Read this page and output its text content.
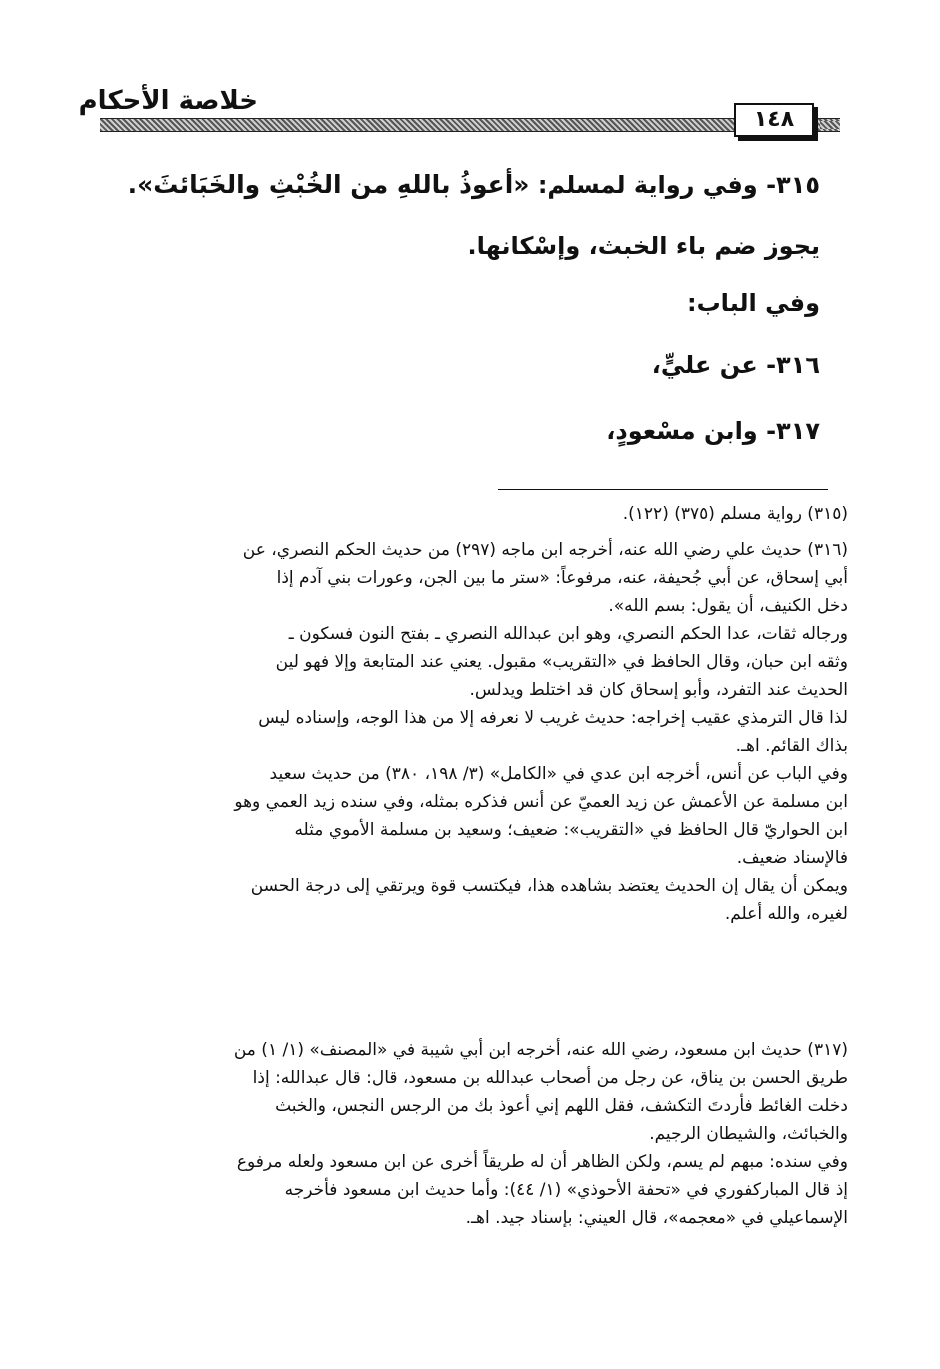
خلاصة الأحكام
١٤٨
٣١٥- وفي رواية لمسلم: «أعوذُ باللهِ من الخُبْثِ والخَبَائثَ».
يجوز ضم باء الخبث، وإسْكانها.
وفي الباب:
٣١٦- عن عليٍّ،
٣١٧- وابن مسْعودٍ،
(٣١٥) رواية مسلم (٣٧٥) (١٢٢).
(٣١٦) حديث علي رضي الله عنه، أخرجه ابن ماجه (٢٩٧) من حديث الحكم النصري، عن
أبي إسحاق، عن أبي جُحيفة، عنه، مرفوعاً: «ستر ما بين الجن، وعورات بني آدم إذا
دخل الكنيف، أن يقول: بسم الله».
ورجاله ثقات، عدا الحكم النصري، وهو ابن عبدالله النصري ـ بفتح النون فسكون ـ
وثقه ابن حبان، وقال الحافظ في «التقريب» مقبول. يعني عند المتابعة وإلا فهو لين
الحديث عند التفرد، وأبو إسحاق كان قد اختلط ويدلس.
لذا قال الترمذي عقيب إخراجه: حديث غريب لا نعرفه إلا من هذا الوجه، وإسناده ليس
بذاك القائم. اهـ.
وفي الباب عن أنس، أخرجه ابن عدي في «الكامل» (٣/ ١٩٨، ٣٨٠) من حديث سعيد
ابن مسلمة عن الأعمش عن زيد العميّ عن أنس فذكره بمثله، وفي سنده زيد العمي وهو
ابن الحواريّ قال الحافظ في «التقريب»: ضعيف؛ وسعيد بن مسلمة الأموي مثله
فالإسناد ضعيف.
ويمكن أن يقال إن الحديث يعتضد بشاهده هذا، فيكتسب قوة ويرتقي إلى درجة الحسن
لغيره، والله أعلم.
(٣١٧) حديث ابن مسعود، رضي الله عنه، أخرجه ابن أبي شيبة في «المصنف» (١/ ١) من
طريق الحسن بن يناق، عن رجل من أصحاب عبدالله بن مسعود، قال: قال عبدالله: إذا
دخلت الغائط فأردتَ التكشف، فقل اللهم إني أعوذ بك من الرجس النجس، والخبث
والخبائث، والشيطان الرجيم.
وفي سنده: مبهم لم يسم، ولكن الظاهر أن له طريقاً أخرى عن ابن مسعود ولعله مرفوع
إذ قال المباركفوري في «تحفة الأحوذي» (١/ ٤٤): وأما حديث ابن مسعود فأخرجه
الإسماعيلي في «معجمه»، قال العيني: بإسناد جيد. اهـ.
